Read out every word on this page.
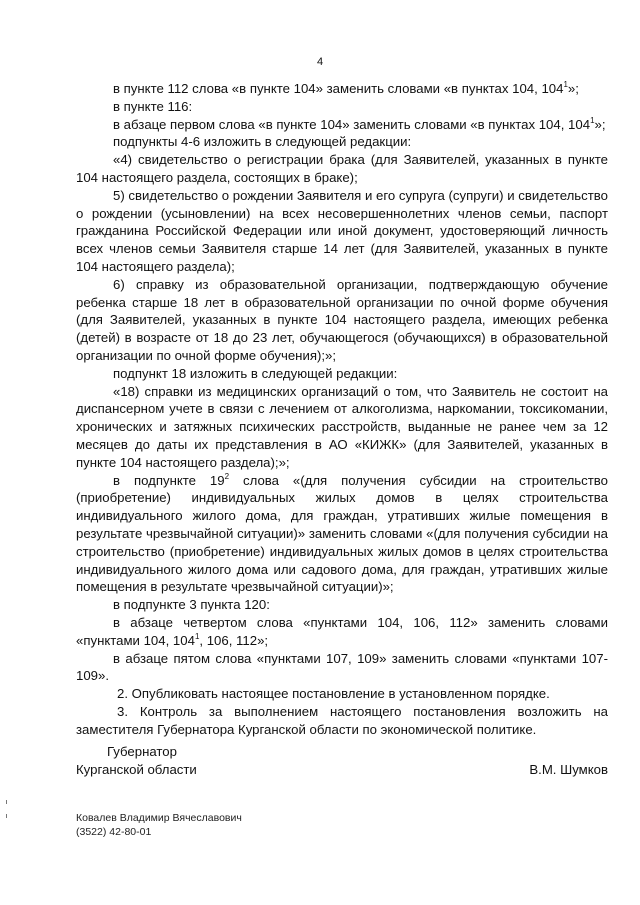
4

в пункте 112 слова «в пункте 104» заменить словами «в пунктах 104, $104^1$»;

в пункте 116:

в абзаце первом слова «в пункте 104» заменить словами «в пунктах 104, $104^1$»;

подпункты 4-6 изложить в следующей редакции:

«4) свидетельство о регистрации брака (для Заявителей, указанных в пункте 104 настоящего раздела, состоящих в браке);

5) свидетельство о рождении Заявителя и его супруга (супруги) и свидетельство о рождении (усыновлении) на всех несовершеннолетних членов семьи, паспорт гражданина Российской Федерации или иной документ, удостоверяющий личность всех членов семьи Заявителя старше 14 лет (для Заявителей, указанных в пункте 104 настоящего раздела);

6) справку из образовательной организации, подтверждающую обучение ребенка старше 18 лет в образовательной организации по очной форме обучения (для Заявителей, указанных в пункте 104 настоящего раздела, имеющих ребенка (детей) в возрасте от 18 до 23 лет, обучающегося (обучающихся) в образовательной организации по очной форме обучения);»;

подпункт 18 изложить в следующей редакции:

«18) справки из медицинских организаций о том, что Заявитель не состоит на диспансерном учете в связи с лечением от алкоголизма, наркомании, токсикомании, хронических и затяжных психических расстройств, выданные не ранее чем за 12 месяцев до даты их представления в АО «КИЖК» (для Заявителей, указанных в пункте 104 настоящего раздела);»;

в подпункте $19^2$ слова «(для получения субсидии на строительство (приобретение) индивидуальных жилых домов в целях строительства индивидуального жилого дома, для граждан, утративших жилые помещения в результате чрезвычайной ситуации)» заменить словами «(для получения субсидии на строительство (приобретение) индивидуальных жилых домов в целях строительства индивидуального жилого дома или садового дома, для граждан, утративших жилые помещения в результате чрезвычайной ситуации)»;

в подпункте 3 пункта 120:

в абзаце четвертом слова «пунктами 104, 106, 112» заменить словами «пунктами 104, $104^1$, 106, 112»;

в абзаце пятом слова «пунктами 107, 109» заменить словами «пунктами 107-109».

2. Опубликовать настоящее постановление в установленном порядке.

3. Контроль за выполнением настоящего постановления возложить на заместителя Губернатора Курганской области по экономической политике.

Губернатор
Курганской области	В.М. Шумков
Ковалев Владимир Вячеславович
(3522) 42-80-01
